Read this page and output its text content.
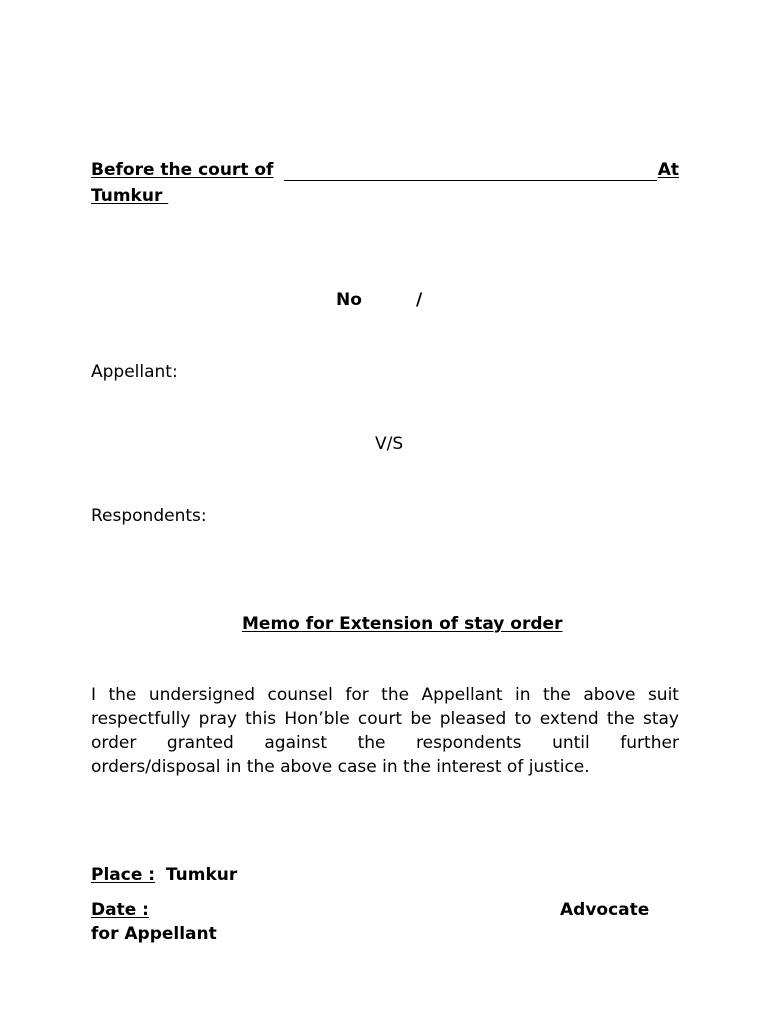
Before the court of	At
Tumkur
No	/
Appellant:
V/S
Respondents:
Memo for Extension of stay order
I the undersigned counsel for the Appellant in the above suit
respectfully pray this Hon’ble court be pleased to extend the stay
order granted against the respondents until further
orders/disposal in the above case in the interest of justice.
Place : Tumkur
Date :	Advocate
for Appellant
